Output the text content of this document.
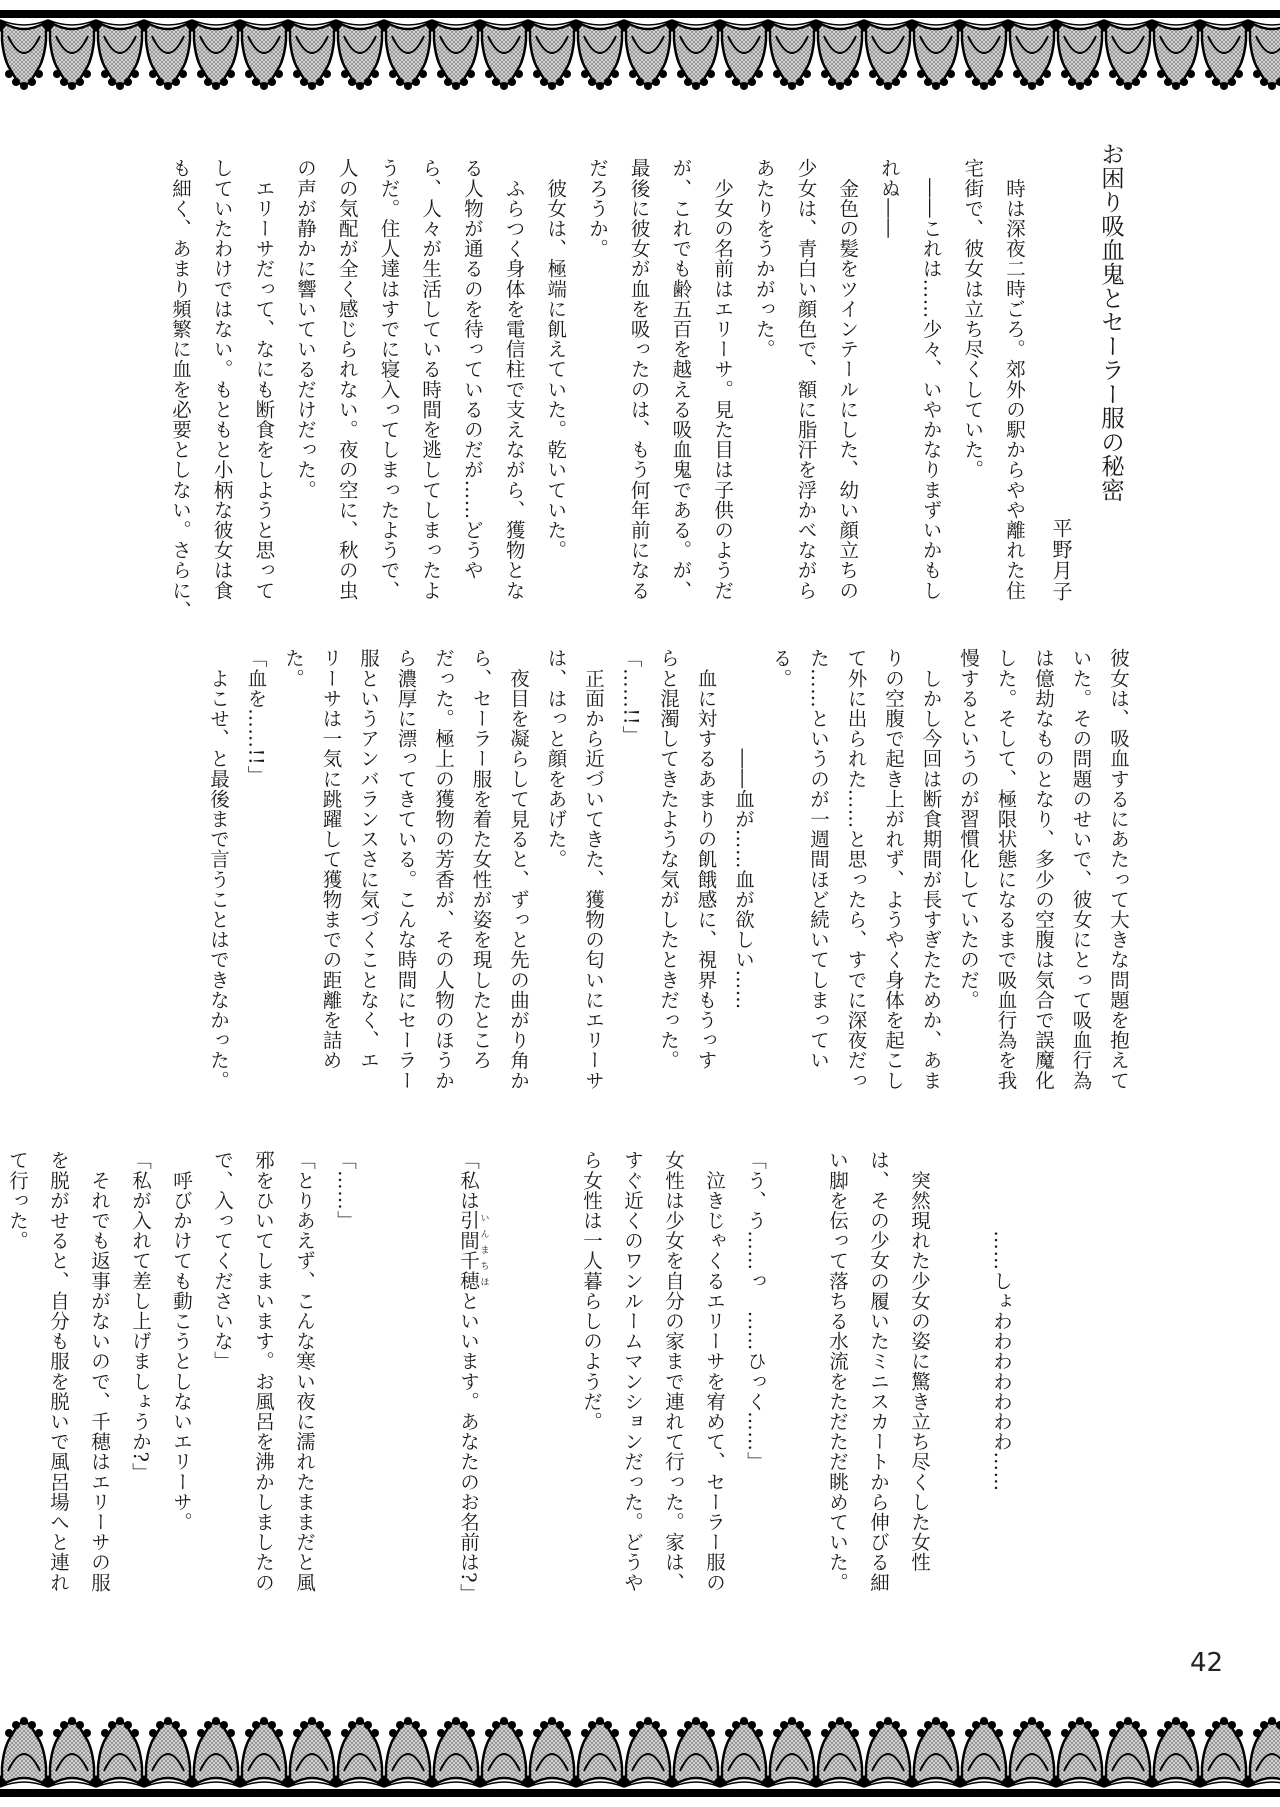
お困り吸血鬼とセーラー服の秘密
平野月子
　時は深夜二時ごろ。郊外の駅からやや離れた住
宅街で、彼女は立ち尽くしていた。
　――これは……少々、いやかなりまずいかもし
れぬ――
　金色の髪をツインテールにした、幼い顔立ちの
少女は、青白い顔色で、額に脂汗を浮かべながら
あたりをうかがった。
　少女の名前はエリーサ。見た目は子供のようだ
が、これでも齢五百を越える吸血鬼である。が、
最後に彼女が血を吸ったのは、もう何年前になる
だろうか。
　彼女は、極端に飢えていた。乾いていた。
　ふらつく身体を電信柱で支えながら、獲物とな
る人物が通るのを待っているのだが……どうや
ら、人々が生活している時間を逃してしまったよ
うだ。住人達はすでに寝入ってしまったようで、
人の気配が全く感じられない。夜の空に、秋の虫
の声が静かに響いているだけだった。
　エリーサだって、なにも断食をしようと思って
していたわけではない。もともと小柄な彼女は食
も細く、あまり頻繁に血を必要としない。さらに、
彼女は、吸血するにあたって大きな問題を抱えて
いた。その問題のせいで、彼女にとって吸血行為
は億劫なものとなり、多少の空腹は気合で誤魔化
した。そして、極限状態になるまで吸血行為を我
慢するというのが習慣化していたのだ。
　しかし今回は断食期間が長すぎたためか、あま
りの空腹で起き上がれず、ようやく身体を起こし
て外に出られた……と思ったら、すでに深夜だっ
た……というのが一週間ほど続いてしまってい
る。
　　　　　――血が……血が欲しい……
　血に対するあまりの飢餓感に、視界もうっす
らと混濁してきたような気がしたときだった。
「……!!」
　正面から近づいてきた、獲物の匂いにエリーサ
は、はっと顔をあげた。
　夜目を凝らして見ると、ずっと先の曲がり角か
ら、セーラー服を着た女性が姿を現したところ
だった。極上の獲物の芳香が、その人物のほうか
ら濃厚に漂ってきている。こんな時間にセーラー
服というアンバランスさに気づくことなく、エ
リーサは一気に跳躍して獲物までの距離を詰め
た。
「血を……!!」
　よこせ、と最後まで言うことはできなかった。

　　　　……しょわわわわわわわ……

　突然現れた少女の姿に驚き立ち尽くした女性
は、その少女の履いたミニスカートから伸びる細
い脚を伝って落ちる水流をただただ眺めていた。

「う、う……っ　……ひっく……」
　泣きじゃくるエリーサを宥めて、セーラー服の
女性は少女を自分の家まで連れて行った。家は、
すぐ近くのワンルームマンションだった。どうや
ら女性は一人暮らしのようだ。

「私は引間千穂いんまちほといいます。あなたのお名前は?」

「……」
「とりあえず、こんな寒い夜に濡れたままだと風
邪をひいてしまいます。お風呂を沸かしましたの
で、入ってくださいな」
　呼びかけても動こうとしないエリーサ。
「私が入れて差し上げましょうか?」
　それでも返事がないので、千穂はエリーサの服
を脱がせると、自分も服を脱いで風呂場へと連れ
て行った。

42
